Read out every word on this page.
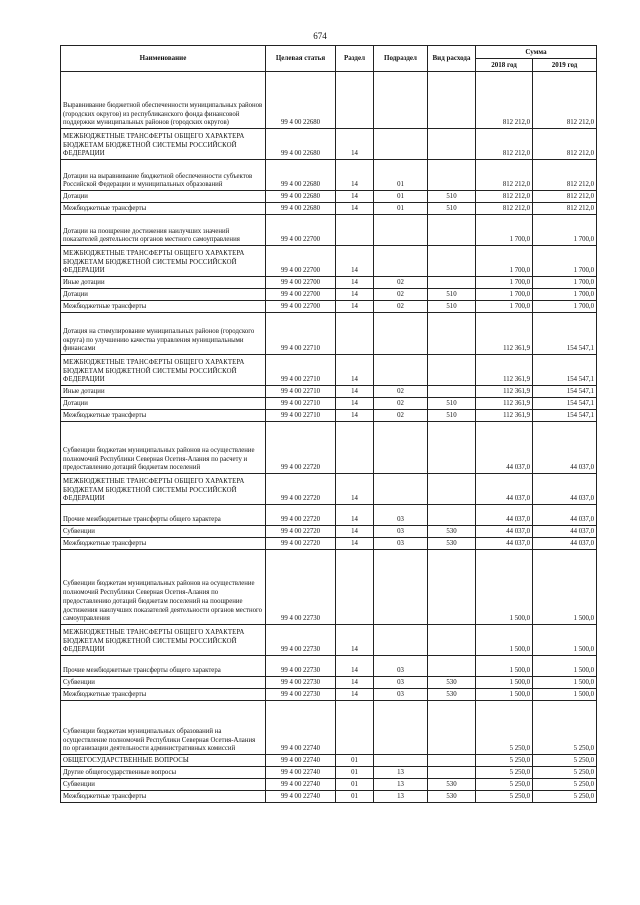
674
Наименование	Целевая статья	Раздел	Подраздел	Вид расхода	Сумма	
					2018 год	2019 год
Выравнивание бюджетной обеспеченности муниципальных районов (городских округов) из республиканского фонда финансовой поддержки муниципальных районов (городских округов)	99 4 00 22680				812 212,0	812 212,0
МЕЖБЮДЖЕТНЫЕ ТРАНСФЕРТЫ ОБЩЕГО ХАРАКТЕРА БЮДЖЕТАМ БЮДЖЕТНОЙ СИСТЕМЫ РОССИЙСКОЙ ФЕДЕРАЦИИ	99 4 00 22680	14			812 212,0	812 212,0
Дотации на выравнивание бюджетной обеспеченности субъектов Российской Федерации и муниципальных образований	99 4 00 22680	14	01		812 212,0	812 212,0
Дотации	99 4 00 22680	14	01	510	812 212,0	812 212,0
Межбюджетные трансферты	99 4 00 22680	14	01	510	812 212,0	812 212,0
Дотации на поощрение достижения наилучших значений показателей деятельности органов местного самоуправления	99 4 00 22700				1 700,0	1 700,0
МЕЖБЮДЖЕТНЫЕ ТРАНСФЕРТЫ ОБЩЕГО ХАРАКТЕРА БЮДЖЕТАМ БЮДЖЕТНОЙ СИСТЕМЫ РОССИЙСКОЙ ФЕДЕРАЦИИ	99 4 00 22700	14			1 700,0	1 700,0
Иные дотации	99 4 00 22700	14	02		1 700,0	1 700,0
Дотации	99 4 00 22700	14	02	510	1 700,0	1 700,0
Межбюджетные трансферты	99 4 00 22700	14	02	510	1 700,0	1 700,0
Дотация на стимулирование муниципальных районов (городского округа) по улучшению качества управления муниципальными финансами	99 4 00 22710				112 361,9	154 547,1
МЕЖБЮДЖЕТНЫЕ ТРАНСФЕРТЫ ОБЩЕГО ХАРАКТЕРА БЮДЖЕТАМ БЮДЖЕТНОЙ СИСТЕМЫ РОССИЙСКОЙ ФЕДЕРАЦИИ	99 4 00 22710	14			112 361,9	154 547,1
Иные дотации	99 4 00 22710	14	02		112 361,9	154 547,1
Дотации	99 4 00 22710	14	02	510	112 361,9	154 547,1
Межбюджетные трансферты	99 4 00 22710	14	02	510	112 361,9	154 547,1
Субвенции бюджетам муниципальных районов на осуществление полномочий Республики Северная Осетия-Алания по расчету и предоставлению дотаций бюджетам поселений	99 4 00 22720				44 037,0	44 037,0
МЕЖБЮДЖЕТНЫЕ ТРАНСФЕРТЫ ОБЩЕГО ХАРАКТЕРА БЮДЖЕТАМ БЮДЖЕТНОЙ СИСТЕМЫ РОССИЙСКОЙ ФЕДЕРАЦИИ	99 4 00 22720	14			44 037,0	44 037,0
Прочие межбюджетные трансферты общего характера	99 4 00 22720	14	03		44 037,0	44 037,0
Субвенции	99 4 00 22720	14	03	530	44 037,0	44 037,0
Межбюджетные трансферты	99 4 00 22720	14	03	530	44 037,0	44 037,0
Субвенции бюджетам муниципальных районов на осуществление полномочий Республики Северная Осетия-Алания по предоставлению дотаций бюджетам поселений на поощрение достижения наилучших показателей деятельности органов местного самоуправления	99 4 00 22730				1 500,0	1 500,0
МЕЖБЮДЖЕТНЫЕ ТРАНСФЕРТЫ ОБЩЕГО ХАРАКТЕРА БЮДЖЕТАМ БЮДЖЕТНОЙ СИСТЕМЫ РОССИЙСКОЙ ФЕДЕРАЦИИ	99 4 00 22730	14			1 500,0	1 500,0
Прочие межбюджетные трансферты общего характера	99 4 00 22730	14	03		1 500,0	1 500,0
Субвенции	99 4 00 22730	14	03	530	1 500,0	1 500,0
Межбюджетные трансферты	99 4 00 22730	14	03	530	1 500,0	1 500,0
Субвенции бюджетам муниципальных образований на осуществление полномочий Республики Северная Осетия-Алания по организации деятельности административных комиссий	99 4 00 22740				5 250,0	5 250,0
ОБЩЕГОСУДАРСТВЕННЫЕ ВОПРОСЫ	99 4 00 22740	01			5 250,0	5 250,0
Другие общегосударственные вопросы	99 4 00 22740	01	13		5 250,0	5 250,0
Субвенции	99 4 00 22740	01	13	530	5 250,0	5 250,0
Межбюджетные трансферты	99 4 00 22740	01	13	530	5 250,0	5 250,0
